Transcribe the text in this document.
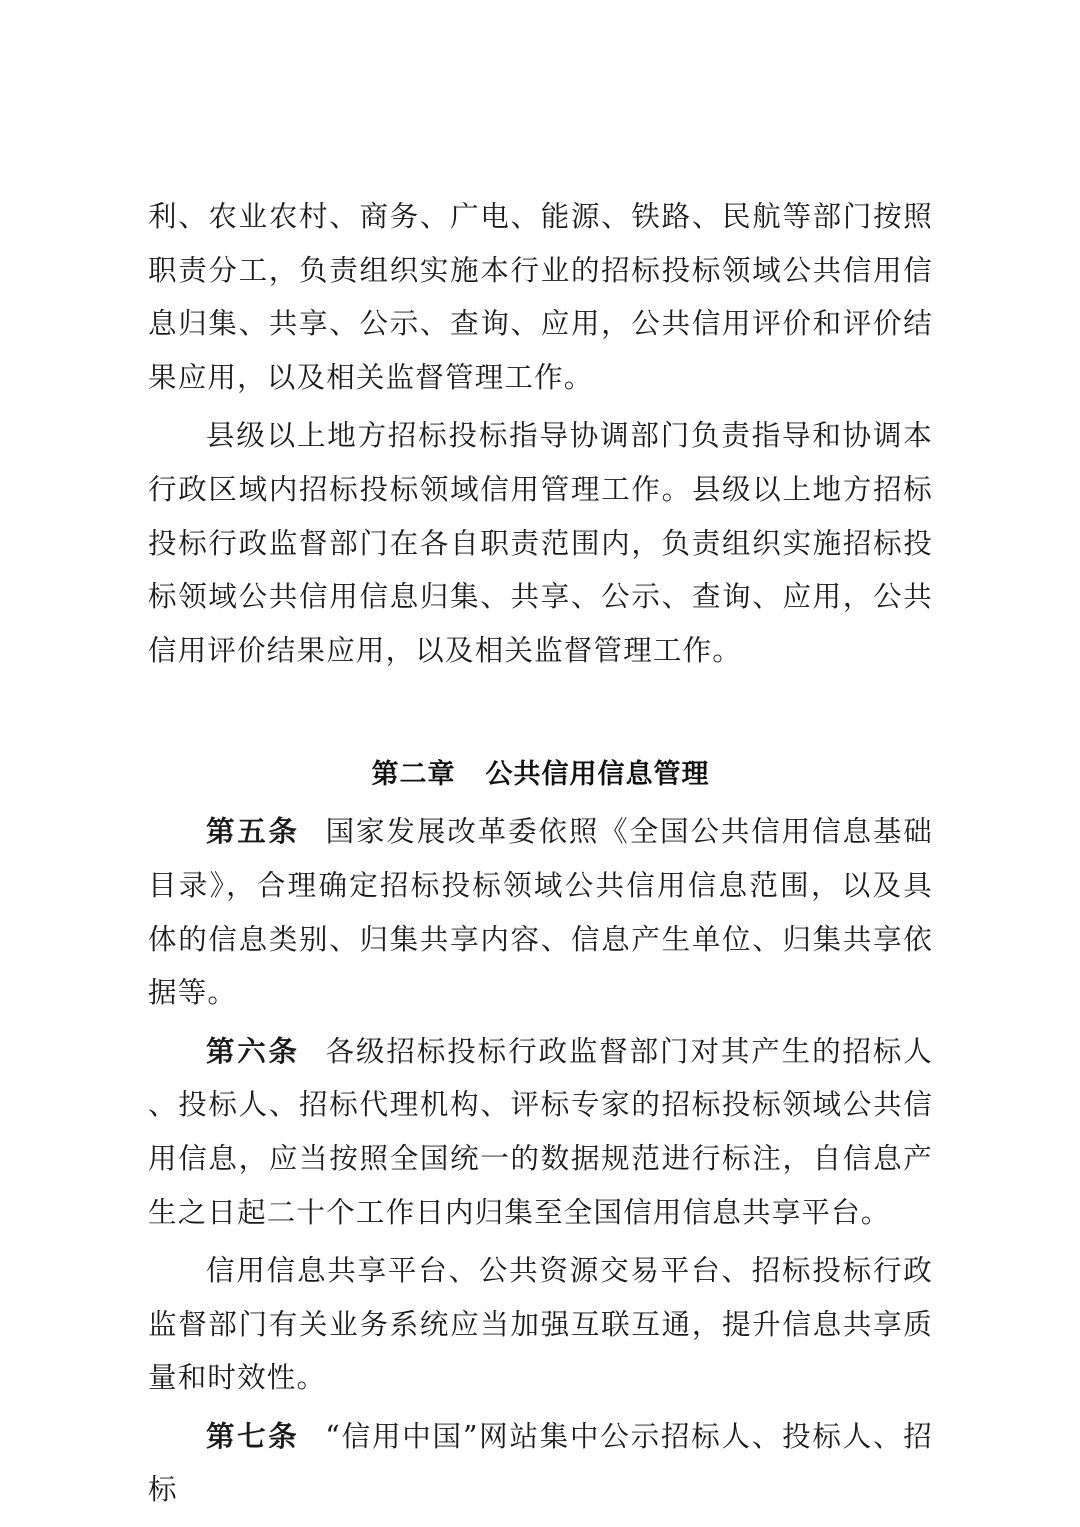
利、农业农村、商务、广电、能源、铁路、民航等部门按照职责分工，负责组织实施本行业的招标投标领域公共信用信息归集、共享、公示、查询、应用，公共信用评价和评价结果应用，以及相关监督管理工作。

县级以上地方招标投标指导协调部门负责指导和协调本行政区域内招标投标领域信用管理工作。县级以上地方招标投标行政监督部门在各自职责范围内，负责组织实施招标投标领域公共信用信息归集、共享、公示、查询、应用，公共信用评价结果应用，以及相关监督管理工作。

第二章 公共信用信息管理

第五条 国家发展改革委依照《全国公共信用信息基础目录》，合理确定招标投标领域公共信用信息范围，以及具体的信息类别、归集共享内容、信息产生单位、归集共享依据等。

第六条 各级招标投标行政监督部门对其产生的招标人、投标人、招标代理机构、评标专家的招标投标领域公共信用信息，应当按照全国统一的数据规范进行标注，自信息产生之日起二十个工作日内归集至全国信用信息共享平台。

信用信息共享平台、公共资源交易平台、招标投标行政监督部门有关业务系统应当加强互联互通，提升信息共享质量和时效性。

第七条 “信用中国”网站集中公示招标人、投标人、招标
